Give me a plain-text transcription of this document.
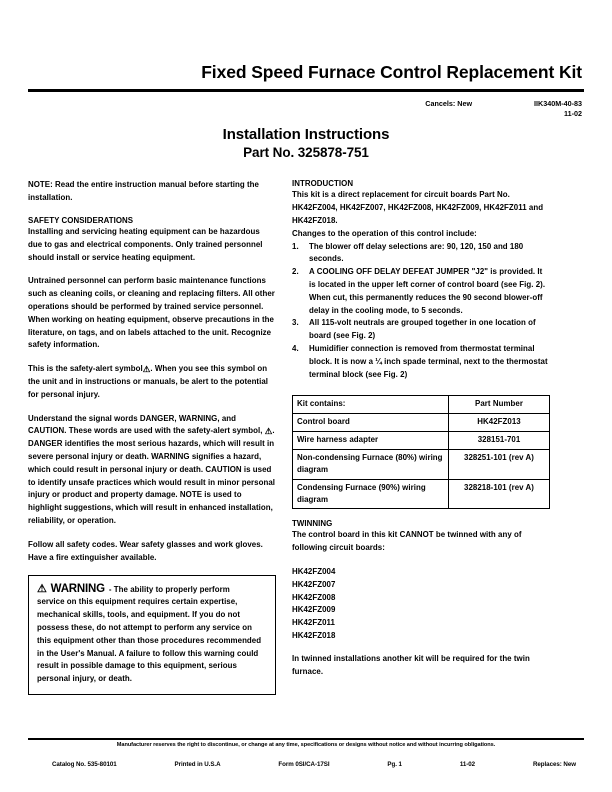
Fixed Speed Furnace Control Replacement Kit
Cancels: New	IIK340M-40-83
11-02
Installation Instructions
Part No. 325878-751
NOTE: Read the entire instruction manual before starting the installation.
SAFETY CONSIDERATIONS
Installing and servicing heating equipment can be hazardous due to gas and electrical components. Only trained personnel should install or service heating equipment.
Untrained personnel can perform basic maintenance functions such as cleaning coils, or cleaning and replacing filters. All other operations should be performed by trained service personnel. When working on heating equipment, observe precautions in the literature, on tags, and on labels attached to the unit. Recognize safety information.
This is the safety-alert symbol⚠. When you see this symbol on the unit and in instructions or manuals, be alert to the potential for personal injury.
Understand the signal words DANGER, WARNING, and CAUTION. These words are used with the safety-alert symbol, ⚠. DANGER identifies the most serious hazards, which will result in severe personal injury or death. WARNING signifies a hazard, which could result in personal injury or death. CAUTION is used to identify unsafe practices which would result in minor personal injury or product and property damage. NOTE is used to highlight suggestions, which will result in enhanced installation, reliability, or operation.
Follow all safety codes. Wear safety glasses and work gloves. Have a fire extinguisher available.
⚠ WARNING - The ability to properly perform
service on this equipment requires certain expertise, mechanical skills, tools, and equipment. If you do not possess these, do not attempt to perform any service on this equipment other than those procedures recommended in the User's Manual. A failure to follow this warning could result in possible damage to this equipment, serious personal injury, or death.
INTRODUCTION
This kit is a direct replacement for circuit boards Part No. HK42FZ004, HK42FZ007, HK42FZ008, HK42FZ009, HK42FZ011 and HK42FZ018.
Changes to the operation of this control include:
1.	The blower off delay selections are: 90, 120, 150 and 180 seconds.
2.	A COOLING OFF DELAY DEFEAT JUMPER "J2" is provided. It is located in the upper left corner of control board (see Fig. 2). When cut, this permanently reduces the 90 second blower-off delay in the cooling mode, to 5 seconds.
3.	All 115-volt neutrals are grouped together in one location of board (see Fig. 2)
4.	Humidifier connection is removed from thermostat terminal block. It is now a ¼ inch spade terminal, next to the thermostat terminal block (see Fig. 2)
Kit contains:	Part Number
Control board	HK42FZ013
Wire harness adapter	328151-701
Non-condensing Furnace (80%) wiring diagram	328251-101 (rev A)
Condensing Furnace (90%) wiring diagram	328218-101 (rev A)
TWINNING
The control board in this kit CANNOT be twinned with any of following circuit boards:
HK42FZ004
HK42FZ007
HK42FZ008
HK42FZ009
HK42FZ011
HK42FZ018
In twinned installations another kit will be required for the twin furnace.
Manufacturer reserves the right to discontinue, or change at any time, specifications or designs without notice and without incurring obligations.
Catalog No. 535-80101	Printed in U.S.A	Form 0SI/CA-17SI	Pg. 1	11-02	Replaces: New
